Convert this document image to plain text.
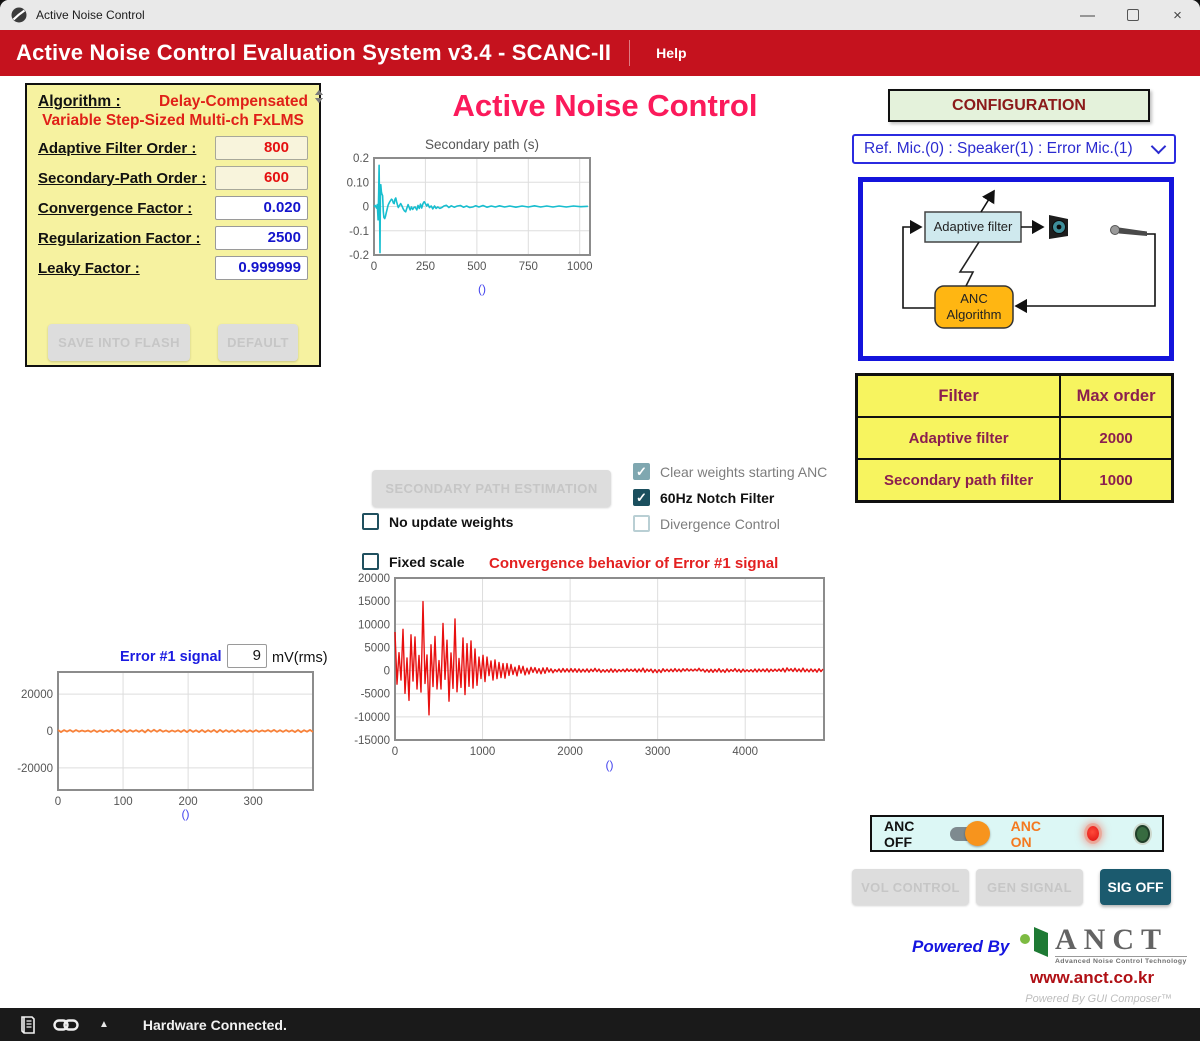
Active Noise Control	—	×
Active Noise Control Evaluation System v3.4 - SCANC-II	Help
Algorithm : Delay-Compensated
Variable Step-Sized Multi-ch FxLMS
Adaptive Filter Order :	800
Secondary-Path Order :	600
Convergence Factor :	0.020
Regularization Factor :	2500
Leaky Factor :	0.999999
SAVE INTO FLASH	DEFAULT
Active Noise Control
0	250	500	750	1000
0.2
0.10
0
-0.1
-0.2
Secondary path (s)
()
CONFIGURATION
Ref. Mic.(0) : Speaker(1) : Error Mic.(1)
Adaptive filter
ANC
Algorithm
Filter	Max order
Adaptive filter	2000
Secondary path filter	1000
SECONDARY PATH ESTIMATION
✓ Clear weights starting ANC
✓ 60Hz Notch Filter
Divergence Control
No update weights
Fixed scale Convergence behavior of Error #1 signal
0	1000	2000	3000	4000
20000
15000
10000
5000
0
-5000
-10000
-15000
()
Error #1 signal	9 mV(rms)
0	100	200	300
20000
0
-20000
()
ANC OFF
ANC ON
VOL CONTROL	GEN SIGNAL	SIG OFF
Powered By ANCT
Advanced Noise Control Technology
www.anct.co.kr
Powered By GUI Composer™
▲ Hardware Connected.
